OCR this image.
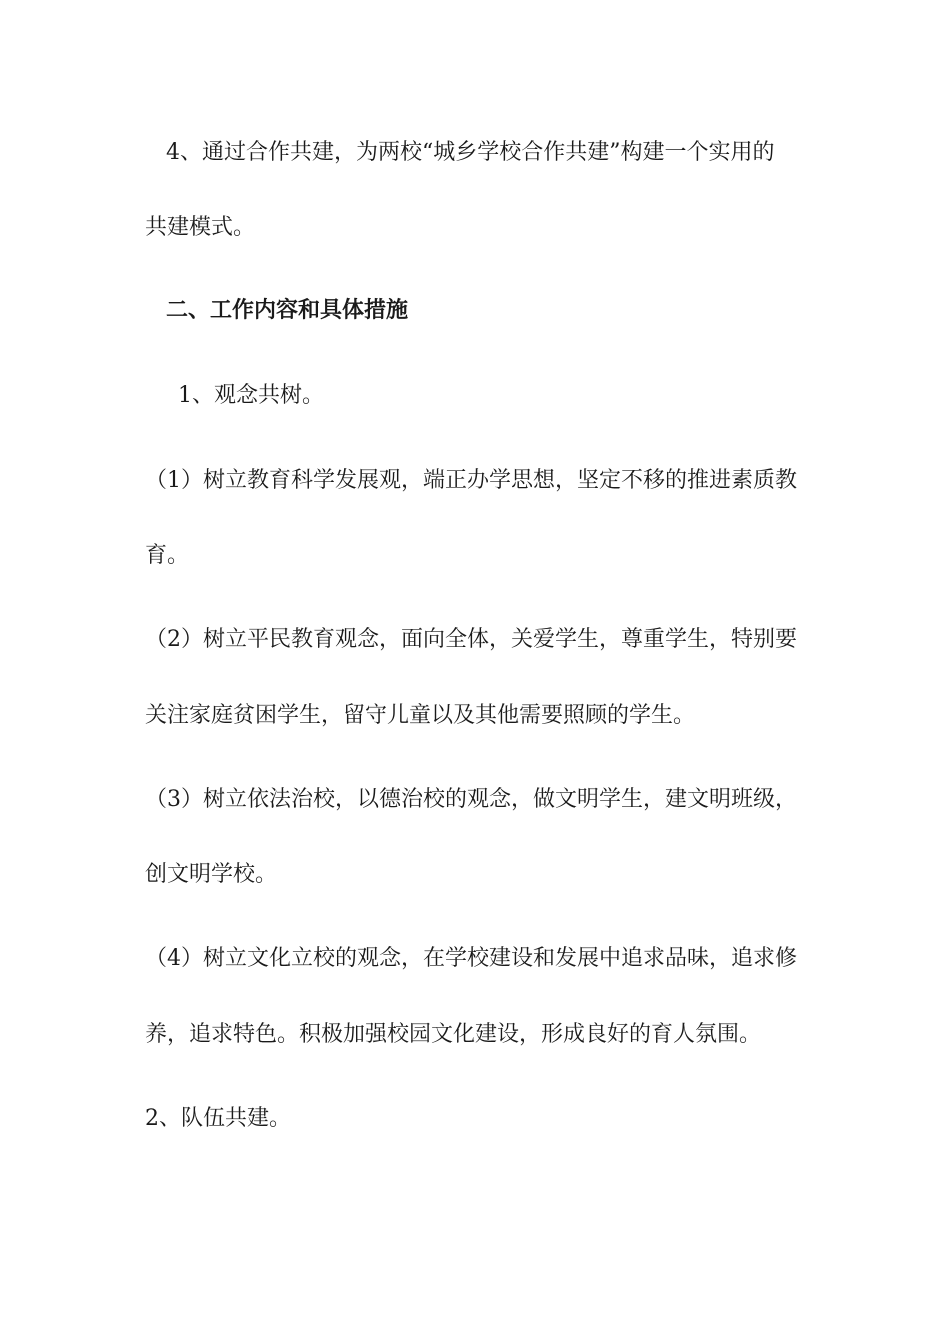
4、通过合作共建，为两校“城乡学校合作共建”构建一个实用的
共建模式。
二、工作内容和具体措施
1、观念共树。
（1）树立教育科学发展观，端正办学思想，坚定不移的推进素质教
育。
（2）树立平民教育观念，面向全体，关爱学生，尊重学生，特别要
关注家庭贫困学生，留守儿童以及其他需要照顾的学生。
（3）树立依法治校，以德治校的观念，做文明学生，建文明班级，
创文明学校。
（4）树立文化立校的观念，在学校建设和发展中追求品味，追求修
养，追求特色。积极加强校园文化建设，形成良好的育人氛围。
2、队伍共建。
